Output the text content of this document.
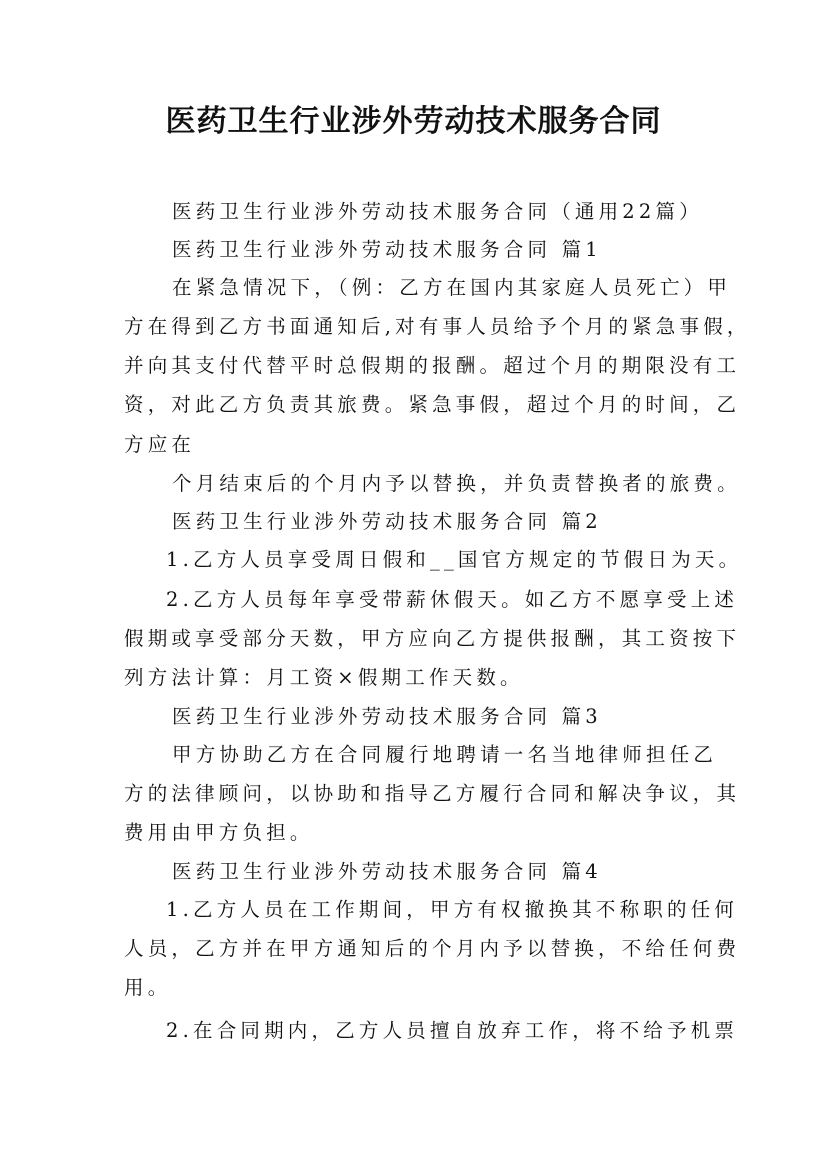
医药卫生行业涉外劳动技术服务合同

医药卫生行业涉外劳动技术服务合同（通用22篇）

医药卫生行业涉外劳动技术服务合同 篇1

在紧急情况下，（例：乙方在国内其家庭人员死亡）甲

方在得到乙方书面通知后,对有事人员给予个月的紧急事假，

并向其支付代替平时总假期的报酬。超过个月的期限没有工

资，对此乙方负责其旅费。紧急事假，超过个月的时间，乙

方应在

个月结束后的个月内予以替换，并负责替换者的旅费。

医药卫生行业涉外劳动技术服务合同 篇2

1.乙方人员享受周日假和__国官方规定的节假日为天。

2.乙方人员每年享受带薪休假天。如乙方不愿享受上述

假期或享受部分天数，甲方应向乙方提供报酬，其工资按下

列方法计算：月工资×假期工作天数。

医药卫生行业涉外劳动技术服务合同 篇3

甲方协助乙方在合同履行地聘请一名当地律师担任乙

方的法律顾问，以协助和指导乙方履行合同和解决争议，其

费用由甲方负担。

医药卫生行业涉外劳动技术服务合同 篇4

1.乙方人员在工作期间，甲方有权撤换其不称职的任何

人员，乙方并在甲方通知后的个月内予以替换，不给任何费

用。

2.在合同期内，乙方人员擅自放弃工作，将不给予机票
